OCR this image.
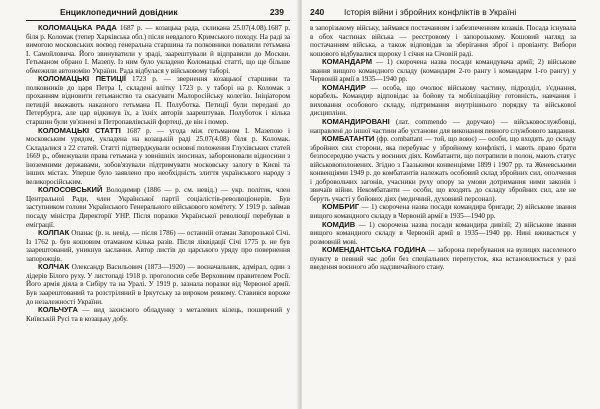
Енциклопедичний довідник	239

КОЛОМАЦЬКА РАДА 1687 р. — козацька рада, скликана 25.07(4.08).1687 р. біля р. Коломак (тепер Харківська обл.) після невдалого Кримського походу. На раді за вимогою московських воєвод генеральна старшина та полковники повалили гетьмана І. Самойловича. Його звинуватили у зраді, заарештували й відправили до Москви. Гетьманом обрано І. Мазепу. Із ним було укладено Коломацькі статті, що ще більше обмежили автономію України. Рада відбулася у військовому таборі.

КОЛОМАЦЬКІ ПЕТИЦІЇ 1723 р. — звернення козацької старшини та полковників до царя Петра І, складені влітку 1723 р. у таборі на р. Коломак з проханням відновити гетьманство та скасувати Малоросійську колегію. Ініціатором петицій вважають наказного гетьмана П. Полуботка. Петиції були передані до Петербурга, але цар відкинув їх, а їхніх авторів заарештував. Полуботок і кілька старшин були ув'язнені в Петропавлівській фортеці, де він і помер.

КОЛОМАЦЬКІ СТАТТІ 1687 р. — угода між гетьманом І. Мазепою і московським урядом, укладена на козацькій раді 25.07(4.08) біля р. Коломак. Складалися з 22 статей. Статті підтверджували основні положення Глухівських статей 1669 р., обмежували права гетьмана у зовнішніх зносинах, заборонювали відносини з іноземними державами, зобов'язували підтримувати московську залогу в Києві та інших містах. Уперше було заявлено про необхідність злиття українського народу з великоросійським.

КОЛОСОВСЬКИЙ Володимир (1886 — р. см. невід.) — укр. політик, член Центральної Ради, член Української партії соціалістів-революціонерів. Був заступником голови Українського Генерального військового комітету. У 1919 р. займав посаду міністра Директорії УНР. Після поразки Української революції перебував в еміграції.

КОЛПАК Опанас (р. н. невід. — після 1786) — останній отаман Запорозької Січі. Із 1762 р. був кошовим отаманом кілька разів. Після ліквідації Січі 1775 р. не був заарештований, уникнув заслання. Автор листів до царського уряду про повернення запорожців.

КОЛЧАК Олександр Васильович (1873—1920) — воєначальник, адмірал, один з лідерів Білого руху. У листопаді 1918 р. проголосив себе Верховним правителем Росії. Його армія діяла в Сибіру та на Уралі. У 1919 р. зазнала поразки від Червоної армії. Був заарештований та розстріляний в Іркутську за вироком ревкому. Ставився вороже до незалежності України.

КОЛЬЧУГА — вид захисного обладунку з металевих кілець, поширений у Київській Русі та в козацьку добу.

240 Історія війни і збройних конфліктів в Україні

в запорізькому війську, займався постачанням і забезпеченням козаків. Посада існувала в обох частинах війська — реєстровому і запорозькому. Кошовий нагляд за постачанням війська, а також відповідав за зберігання зброї і провіанту. Вибори кошового відбувалися щороку 1 січня на Січовій раді.

КОМАНДАРМ — 1) скорочена назва посади командувача армії; 2) військове звання вищого командного складу (командарм 2-го рангу і командарм 1-го рангу) у Червоній армії в 1935—1940 рр.

КОМАНДИР — особа, що очолює військову частину, підрозділ, з'єднання, корабель. Командир відповідає за бойову та мобілізаційну готовність, навчання і виховання особового складу, підтримання внутрішнього порядку та військової дисципліни.

КОМАНДИРОВАНІ (лат. commendo — доручаю) — військовослужбовці, направлені до іншої частини або установи для виконання певного службового завдання.

КОМБАТАНТИ (фр. combattant — той, що воює) — особи, що входять до складу збройних сил сторони, яка перебуває у збройному конфлікті, і мають право брати безпосередню участь у воєнних діях. Комбатанти, що потрапили в полон, мають статус військовополонених. Згідно з Гаазькими конвенціями 1899 і 1907 рр. та Женевськими конвенціями 1949 р. до комбатантів належать особовий склад збройних сил, ополчення і добровольчих загонів, учасники руху опору за умови дотримання ними законів і звичаїв війни. Некомбатанти — особи, що входять до складу збройних сил, але не беруть участі у бойових діях (медичний, духовний персонал).

КОМБРИГ — 1) скорочена назва посади командира бригади; 2) військове звання вищого командного складу в Червоній армії в 1935—1940 рр.

КОМДИВ — 1) скорочена назва посади командира дивізії; 2) військове звання вищого командного складу в Червоній армії в 1935—1940 рр. Нині вживається у розмовній мові.

КОМЕНДАНТСЬКА ГОДИНА — заборона перебування на вулицях населеного пункту в певний час доби без спеціальних перепусток, яка встановлюється у разі введення воєнного або надзвичайного стану.
